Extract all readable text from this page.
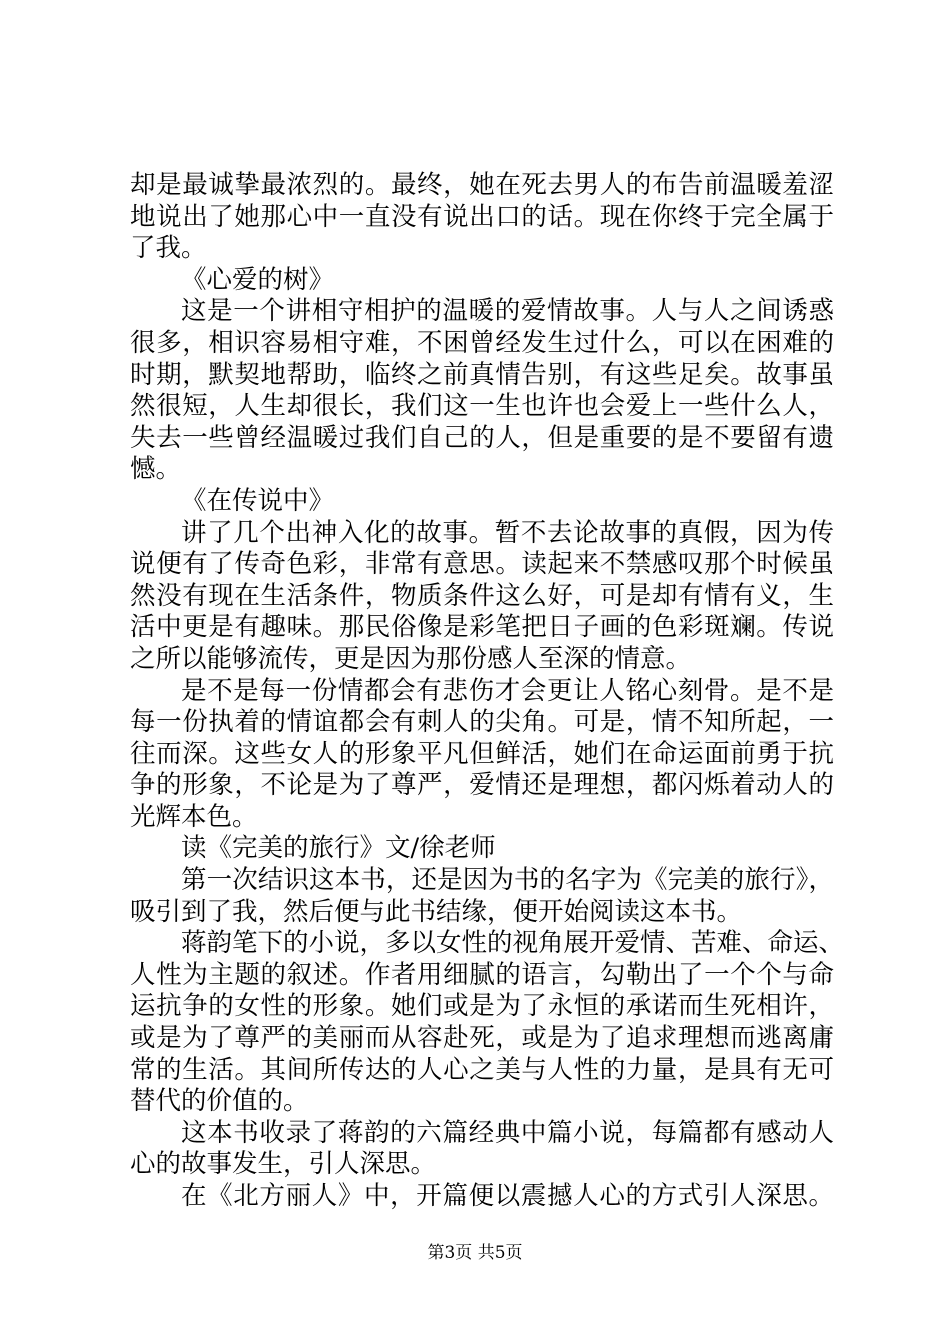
却是最诚挚最浓烈的。最终，她在死去男人的布告前温暖羞涩
地说出了她那心中一直没有说出口的话。现在你终于完全属于
了我。
《心爱的树》
这是一个讲相守相护的温暖的爱情故事。人与人之间诱惑
很多，相识容易相守难，不困曾经发生过什么，可以在困难的
时期，默契地帮助，临终之前真情告别，有这些足矣。故事虽
然很短，人生却很长，我们这一生也许也会爱上一些什么人，
失去一些曾经温暖过我们自己的人，但是重要的是不要留有遗
憾。
《在传说中》
讲了几个出神入化的故事。暂不去论故事的真假，因为传
说便有了传奇色彩，非常有意思。读起来不禁感叹那个时候虽
然没有现在生活条件，物质条件这么好，可是却有情有义，生
活中更是有趣味。那民俗像是彩笔把日子画的色彩斑斓。传说
之所以能够流传，更是因为那份感人至深的情意。
是不是每一份情都会有悲伤才会更让人铭心刻骨。是不是
每一份执着的情谊都会有刺人的尖角。可是，情不知所起，一
往而深。这些女人的形象平凡但鲜活，她们在命运面前勇于抗
争的形象，不论是为了尊严，爱情还是理想，都闪烁着动人的
光辉本色。
读《完美的旅行》文/徐老师
第一次结识这本书，还是因为书的名字为《完美的旅行》，
吸引到了我，然后便与此书结缘，便开始阅读这本书。
蒋韵笔下的小说，多以女性的视角展开爱情、苦难、命运、
人性为主题的叙述。作者用细腻的语言，勾勒出了一个个与命
运抗争的女性的形象。她们或是为了永恒的承诺而生死相许，
或是为了尊严的美丽而从容赴死，或是为了追求理想而逃离庸
常的生活。其间所传达的人心之美与人性的力量，是具有无可
替代的价值的。
这本书收录了蒋韵的六篇经典中篇小说，每篇都有感动人
心的故事发生，引人深思。
在《北方丽人》中，开篇便以震撼人心的方式引人深思。
第3页 共5页
